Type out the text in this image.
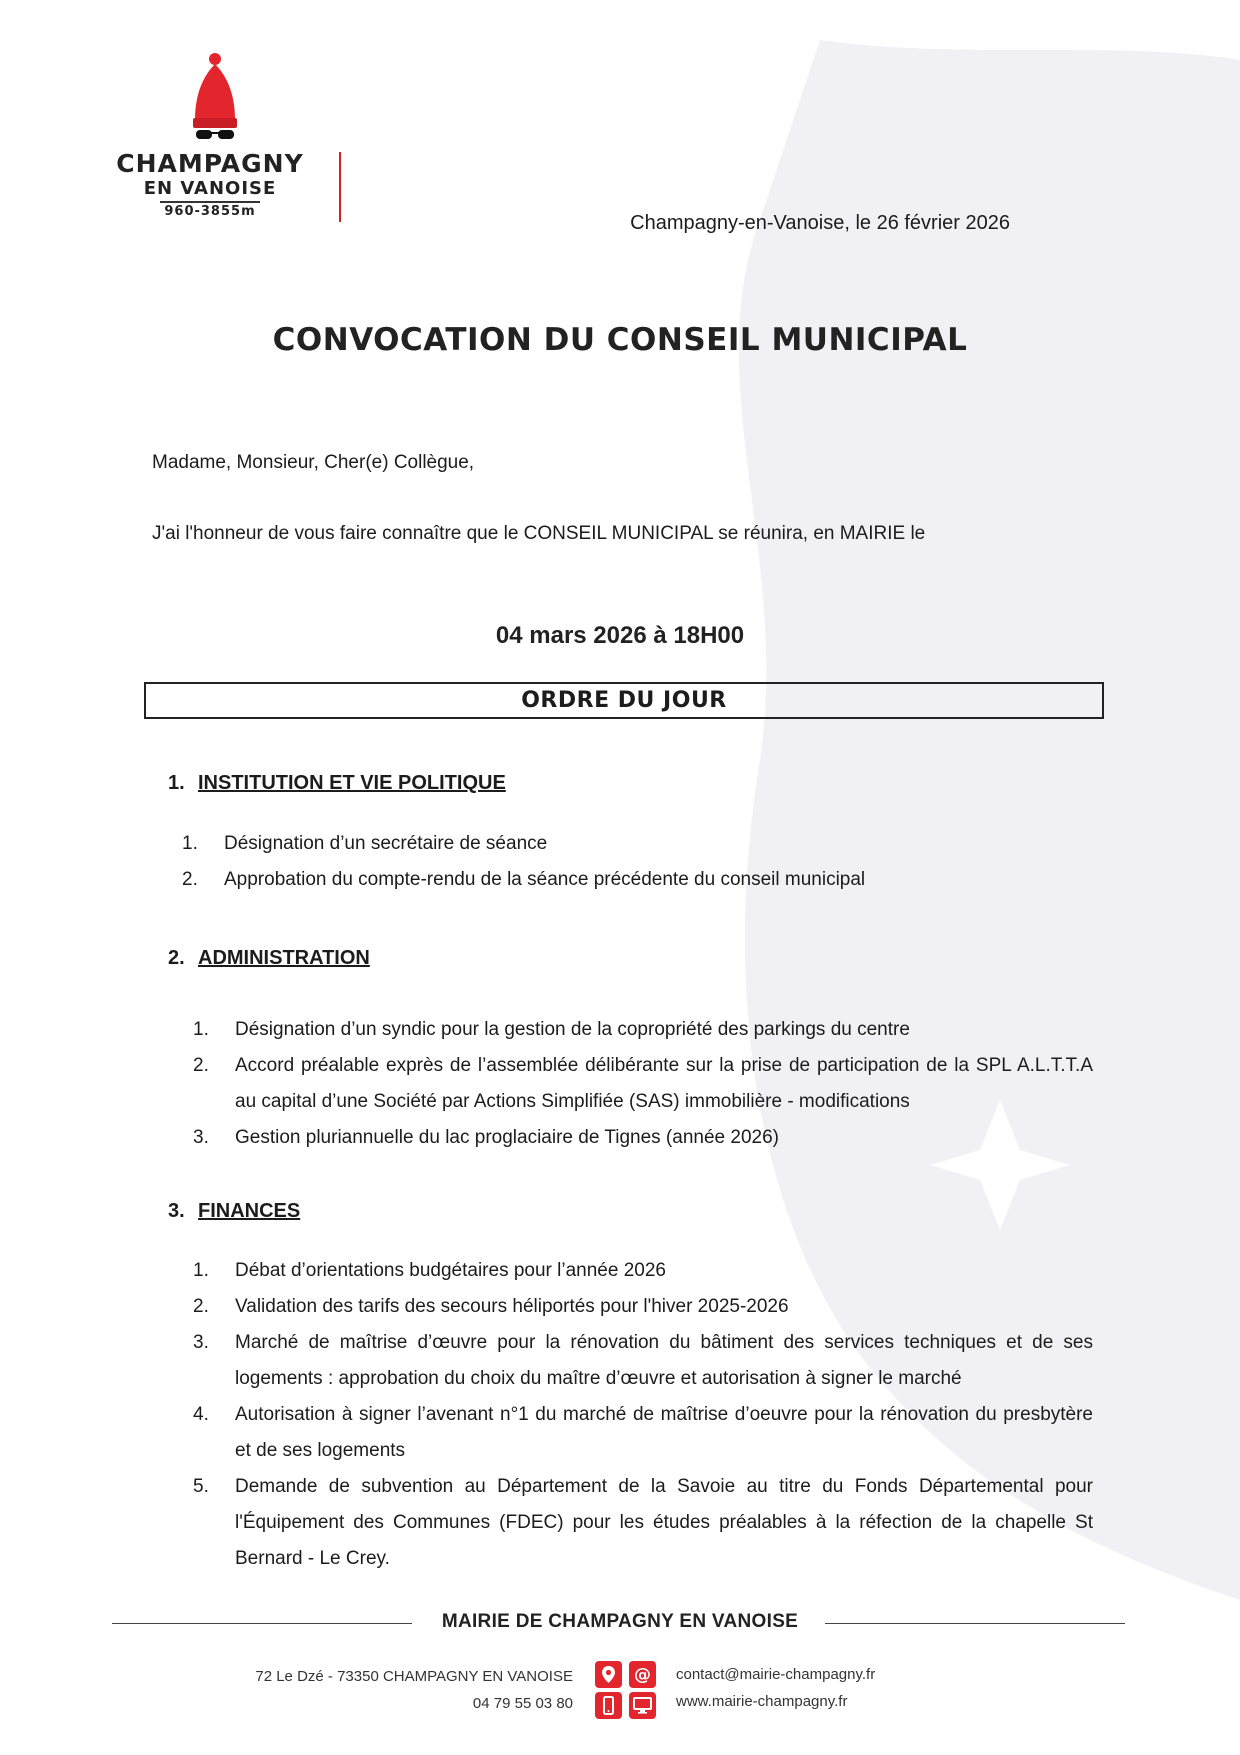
CHAMPAGNY
EN VANOISE
960-3855m
Champagny-en-Vanoise, le 26 février 2026
CONVOCATION DU CONSEIL MUNICIPAL
Madame, Monsieur, Cher(e) Collègue,
J'ai l'honneur de vous faire connaître que le CONSEIL MUNICIPAL se réunira, en MAIRIE le
04 mars 2026 à 18H00
ORDRE DU JOUR
1. INSTITUTION ET VIE POLITIQUE
1. Désignation d’un secrétaire de séance
2. Approbation du compte-rendu de la séance précédente du conseil municipal
2. ADMINISTRATION
1. Désignation d’un syndic pour la gestion de la copropriété des parkings du centre
2. Accord préalable exprès de l’assemblée délibérante sur la prise de participation de la SPL A.L.T.T.A au capital d’une Société par Actions Simplifiée (SAS) immobilière - modifications
3. Gestion pluriannuelle du lac proglaciaire de Tignes (année 2026)
3. FINANCES
1. Débat d’orientations budgétaires pour l’année 2026
2. Validation des tarifs des secours héliportés pour l'hiver 2025-2026
3. Marché de maîtrise d’œuvre pour la rénovation du bâtiment des services techniques et de ses logements : approbation du choix du maître d’œuvre et autorisation à signer le marché
4. Autorisation à signer l’avenant n°1 du marché de maîtrise d’oeuvre pour la rénovation du presbytère et de ses logements
5. Demande de subvention au Département de la Savoie au titre du Fonds Départemental pour l'Équipement des Communes (FDEC) pour les études préalables à la réfection de la chapelle St Bernard - Le Crey.
MAIRIE DE CHAMPAGNY EN VANOISE
72 Le Dzé - 73350 CHAMPAGNY EN VANOISE
04 79 55 03 80
@ contact@mairie-champagny.fr
www.mairie-champagny.fr
